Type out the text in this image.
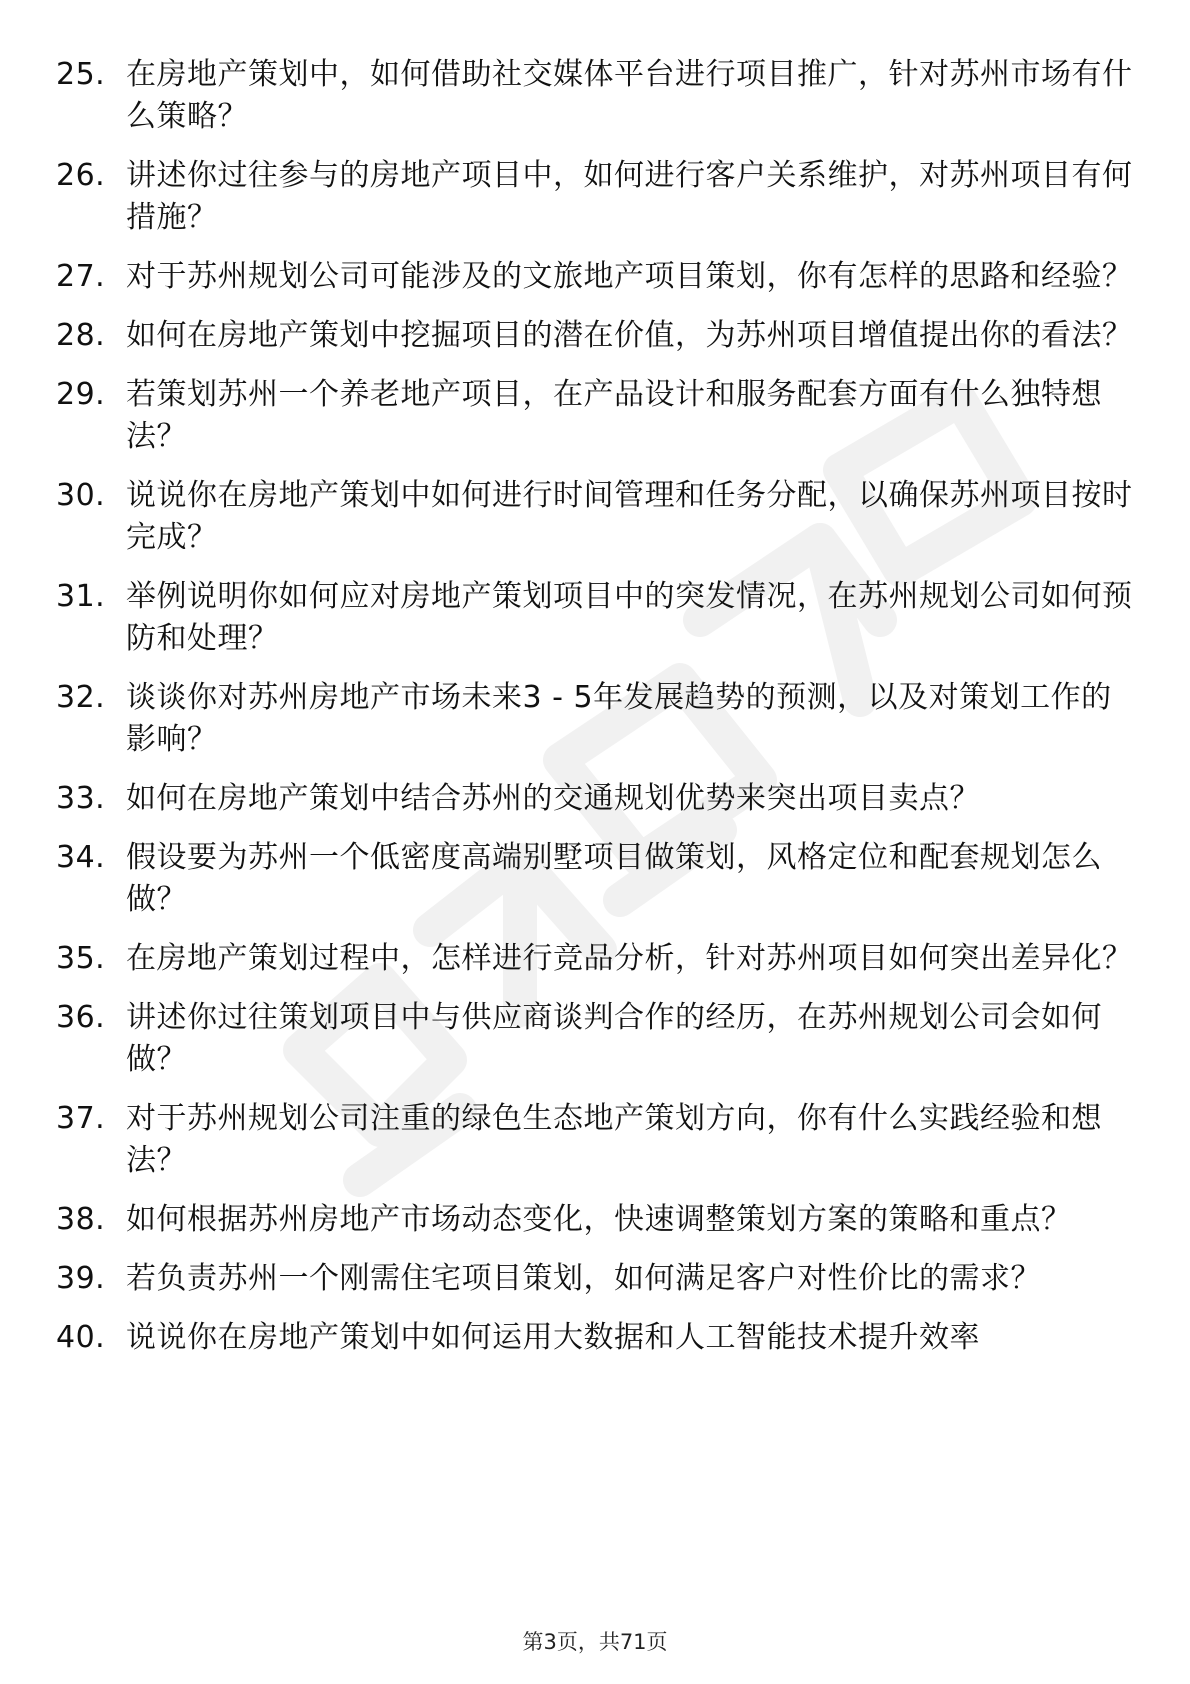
25. 在房地产策划中，如何借助社交媒体平台进行项目推广，针对苏州市场有什么策略？
26. 讲述你过往参与的房地产项目中，如何进行客户关系维护，对苏州项目有何措施？
27. 对于苏州规划公司可能涉及的文旅地产项目策划，你有怎样的思路和经验？
28. 如何在房地产策划中挖掘项目的潜在价值，为苏州项目增值提出你的看法？
29. 若策划苏州一个养老地产项目，在产品设计和服务配套方面有什么独特想法？
30. 说说你在房地产策划中如何进行时间管理和任务分配，以确保苏州项目按时完成？
31. 举例说明你如何应对房地产策划项目中的突发情况，在苏州规划公司如何预防和处理？
32. 谈谈你对苏州房地产市场未来3 - 5年发展趋势的预测，以及对策划工作的影响？
33. 如何在房地产策划中结合苏州的交通规划优势来突出项目卖点？
34. 假设要为苏州一个低密度高端别墅项目做策划，风格定位和配套规划怎么做？
35. 在房地产策划过程中，怎样进行竞品分析，针对苏州项目如何突出差异化？
36. 讲述你过往策划项目中与供应商谈判合作的经历，在苏州规划公司会如何做？
37. 对于苏州规划公司注重的绿色生态地产策划方向，你有什么实践经验和想法？
38. 如何根据苏州房地产市场动态变化，快速调整策划方案的策略和重点？
39. 若负责苏州一个刚需住宅项目策划，如何满足客户对性价比的需求？
40. 说说你在房地产策划中如何运用大数据和人工智能技术提升效率
第3页，共71页
